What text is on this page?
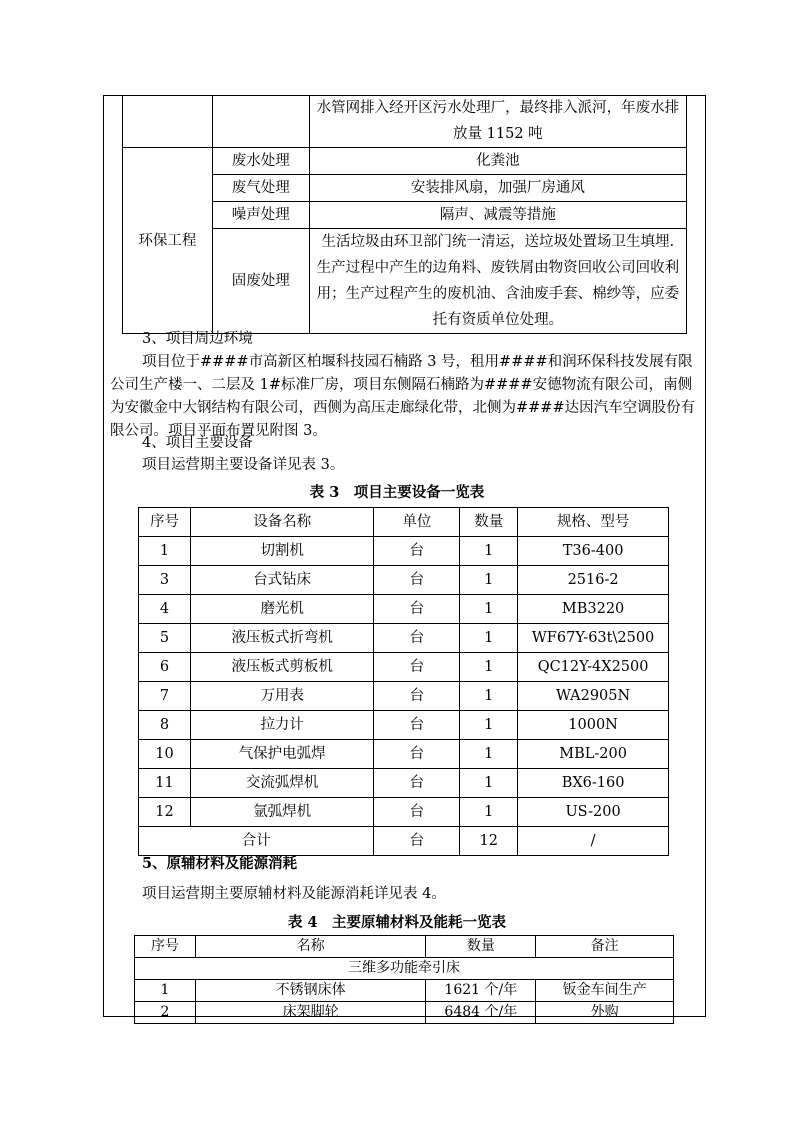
		水管网排入经开区污水处理厂，最终排入派河，年废水排放量 1152 吨
环保工程	废水处理	化粪池
	废气处理	安装排风扇，加强厂房通风
	噪声处理	隔声、减震等措施
	固废处理	生活垃圾由环卫部门统一清运，送垃圾处置场卫生填埋. 生产过程中产生的边角料、废铁屑由物资回收公司回收利用；生产过程产生的废机油、含油废手套、棉纱等，应委托有资质单位处理。

3、项目周边环境

项目位于####市高新区柏堰科技园石楠路 3 号，租用####和润环保科技发展有限公司生产楼一、二层及 1#标准厂房，项目东侧隔石楠路为####安德物流有限公司，南侧为安徽金中大钢结构有限公司，西侧为高压走廊绿化带，北侧为####达因汽车空调股份有限公司。项目平面布置见附图 3。

4、项目主要设备

项目运营期主要设备详见表 3。

表 3　项目主要设备一览表
序号	设备名称	单位	数量	规格、型号
1	切割机	台	1	T36-400
3	台式钻床	台	1	2516-2
4	磨光机	台	1	MB3220
5	液压板式折弯机	台	1	WF67Y-63t\2500
6	液压板式剪板机	台	1	QC12Y-4X2500
7	万用表	台	1	WA2905N
8	拉力计	台	1	1000N
10	气保护电弧焊	台	1	MBL-200
11	交流弧焊机	台	1	BX6-160
12	氩弧焊机	台	1	US-200
合计		台	12	/

5、原辅材料及能源消耗

项目运营期主要原辅材料及能源消耗详见表 4。

表 4　主要原辅材料及能耗一览表
序号	名称	数量	备注
三维多功能牵引床			
1	不锈钢床体	1621 个/年	钣金车间生产
2	床架脚轮	6484 个/年	外购
